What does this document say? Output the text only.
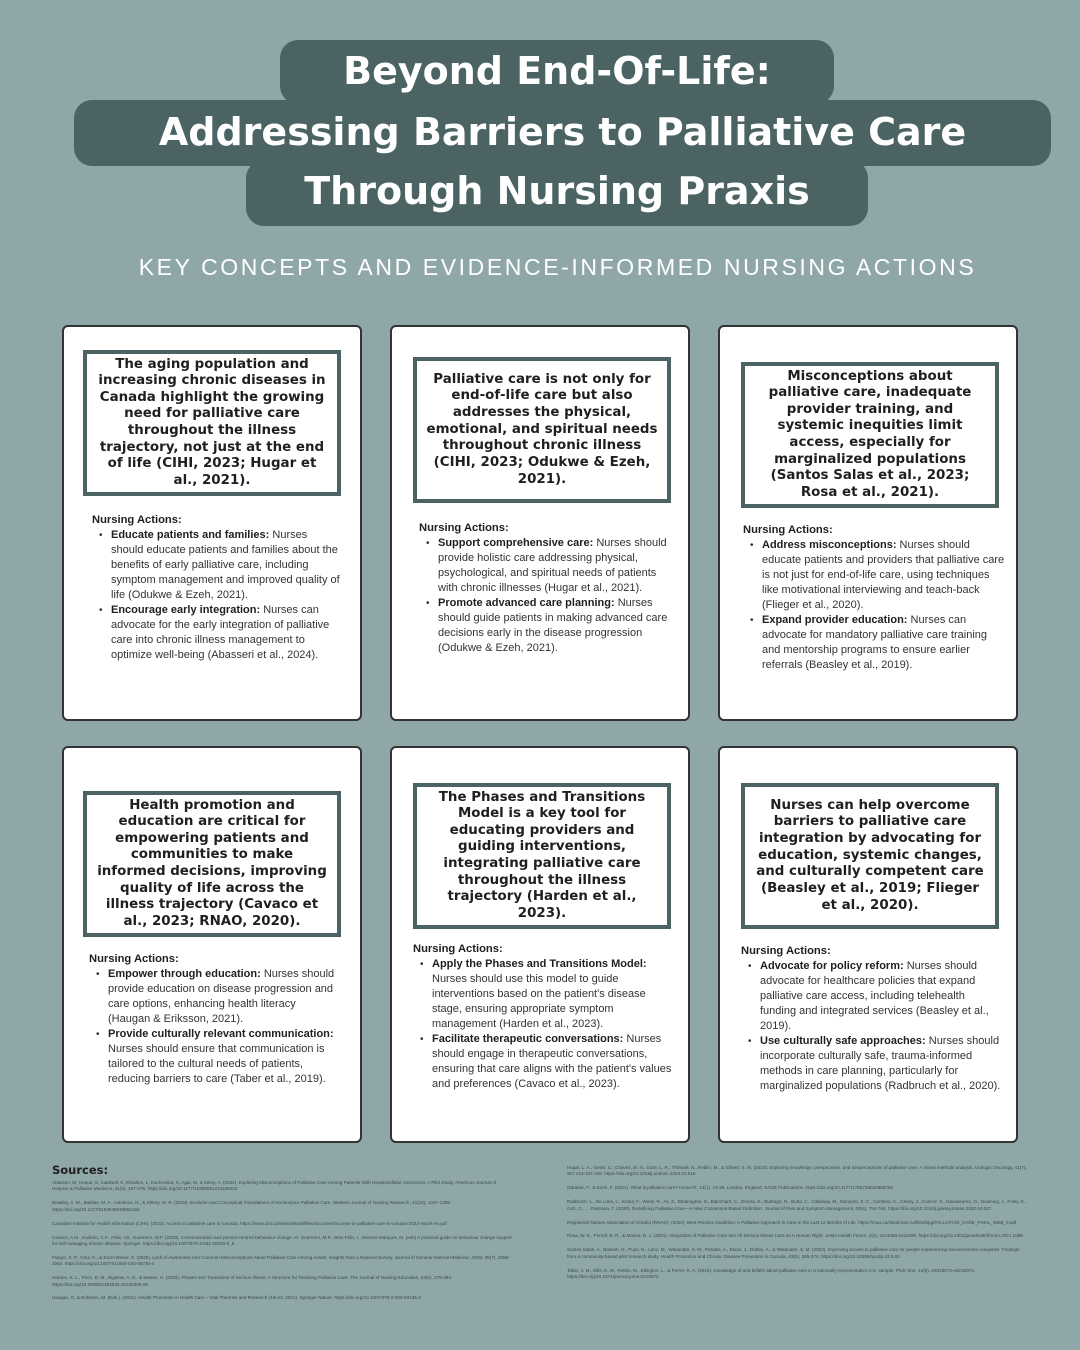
Beyond End-Of-Life:
Addressing Barriers to Palliative Care
Through Nursing Praxis
KEY CONCEPTS AND EVIDENCE-INFORMED NURSING ACTIONS
The aging population and increasing chronic diseases in Canada highlight the growing need for palliative care throughout the illness trajectory, not just at the end of life (CIHI, 2023; Hugar et al., 2021).
Nursing Actions:
• Educate patients and families: Nurses should educate patients and families about the benefits of early palliative care, including symptom management and improved quality of life (Odukwe & Ezeh, 2021).
• Encourage early integration: Nurses can advocate for the early integration of palliative care into chronic illness management to optimize well-being (Abasseri et al., 2024).
Palliative care is not only for end-of-life care but also addresses the physical, emotional, and spiritual needs throughout chronic illness (CIHI, 2023; Odukwe & Ezeh, 2021).
Nursing Actions:
• Support comprehensive care: Nurses should provide holistic care addressing physical, psychological, and spiritual needs of patients with chronic illnesses (Hugar et al., 2021).
• Promote advanced care planning: Nurses should guide patients in making advanced care decisions early in the disease progression (Odukwe & Ezeh, 2021).
Misconceptions about palliative care, inadequate provider training, and systemic inequities limit access, especially for marginalized populations (Santos Salas et al., 2023; Rosa et al., 2021).
Nursing Actions:
• Address misconceptions: Nurses should educate patients and providers that palliative care is not just for end-of-life care, using techniques like motivational interviewing and teach-back (Flieger et al., 2020).
• Expand provider education: Nurses can advocate for mandatory palliative care training and mentorship programs to ensure earlier referrals (Beasley et al., 2019).
Health promotion and education are critical for empowering patients and communities to make informed decisions, improving quality of life across the illness trajectory (Cavaco et al., 2023; RNAO, 2020).
Nursing Actions:
• Empower through education: Nurses should provide education on disease progression and care options, enhancing health literacy (Haugan & Eriksson, 2021).
• Provide culturally relevant communication: Nurses should ensure that communication is tailored to the cultural needs of patients, reducing barriers to care (Taber et al., 2019).
The Phases and Transitions Model is a key tool for educating providers and guiding interventions, integrating palliative care throughout the illness trajectory (Harden et al., 2023).
Nursing Actions:
• Apply the Phases and Transitions Model: Nurses should use this model to guide interventions based on the patient's disease stage, ensuring appropriate symptom management (Harden et al., 2023).
• Facilitate therapeutic conversations: Nurses should engage in therapeutic conversations, ensuring that care aligns with the patient's values and preferences (Cavaco et al., 2023).
Nurses can help overcome barriers to palliative care integration by advocating for education, systemic changes, and culturally competent care (Beasley et al., 2019; Flieger et al., 2020).
Nursing Actions:
• Advocate for policy reform: Nurses should advocate for healthcare policies that expand palliative care access, including telehealth funding and integrated services (Beasley et al., 2019).
• Use culturally safe approaches: Nurses should incorporate culturally safe, trauma-informed methods in care planning, particularly for marginalized populations (Radbruch et al., 2020).
Sources:

Abasseri, M, Hoque, S, Caldwell, K, Ebrahim, L, Kochovska, S, Agar, M, & Zekry, A. (2024). Exploring Misconceptions of Palliative Care Among Patients With Hepatocellular Carcinoma: A Pilot Study. American Journal of Hospice & Palliative Medicine, 41(5), 467-476. https://doi.org/10.1177/10499091231168423

Beasley, A. M., Bakitas, M. A., Ivankova, N., & Shirey, M. R. (2019). Evolution and Conceptual Foundations of Nonhospice Palliative Care. Western Journal of Nursing Research, 41(10), 1347-1369. https://doi.org/10.1177/0193945919853162

Canadian Institute for Health Information (CIHI). (2023). Access to palliative care in Canada. https://www.cihi.ca/sites/default/files/document/access-to-palliative-care-in-canada-2023-report-en.pdf

Cavaco, A.M., Guiteiro, C.F., Félix, I.B., Guerreiro, M.P. (2023). Communication and person-centred behaviour change. In: Guerreiro, M.P., Brito Félix, I., Moreira Marques, M. (eds) A practical guide on behaviour change support for self-managing chronic disease. Springer. https://doi.org/10.1007/978-3-031-20010-6_5

Flieger, S. P., Chui, K., & Koch-Weser, S. (2020). Lack of Awareness and Common Misconceptions About Palliative Care Among Adults: Insights from a National Survey. Journal of General Internal Medicine: JGIM, 35(7), 2059-2064. https://doi.org/10.1007/s11606-020-05730-4

Harden, K. L., Price, D. M., Bigelow, A. D., & Mason, H. (2023). Phases and Transitions of Serious Illness: A Structure for Teaching Palliative Care. The Journal of Nursing Education, 62(5), 279-284. https://doi.org/10.3928/01484834-20230306-05

Haugan, G, & Eriksson, M. (Eds.). (2021). Health Promotion in Health Care – Vital Theories and Research (1st ed. 2021). Springer Nature. https://doi.org/10.1007/978-3-030-63135-2

Hugar, L. A., Geiss, C., Chavez, M. N., Gore, L. R., Thirlwell, S., Reblin, M., & Gilbert, S. M. (2023). Exploring knowledge, perspectives, and misperceptions of palliative care: A mixed methods analysis. Urologic Oncology, 41(7), 327.e13-327.e26. https://doi.org/10.1016/j.urolonc.2023.03.016

Odukwe, F., & Ezeh, F. (2021). What is palliative care? InnovAiT, 14(1), 19-26. London, England: SAGE Publications. https://doi.org/10.1177/1755738020966780

Radbruch, L., De Lima, L., Knaul, F., Wenk, R., Ali, Z., Bhatnaghar, S., Blanchard, C., Bruera, E., Buitrago, R., Burla, C., Callaway, M., Munyoro, E. C., Centeno, C., Cleary, J., Connor, S., Davaasuren, O., Downing, J., Foley, K., Goh, C., ... Pastrana, T. (2020). Redefining Palliative Care—A New Consensus-Based Definition. Journal of Pain and Symptom Management, 60(4), 754-764. https://doi.org/10.1016/j.jpainsymman.2020.04.027

Registered Nurses Association of Ontario (RNAO). (2020). Best Practice Guideline: A Palliative Approach to Care in the Last 12 Months of Life. https://rnao.ca/sites/rnao-ca/files/bpg/PALLIATIVE_CARE_FINAL_WEB_0.pdf

Rosa, W. E., Ferrell, B. R., & Mason, D. J. (2021). Integration of Palliative Care Into All Serious Illness Care as A Human Right. JAMA Health Forum, 2(4), e211099-e211099. https://doi.org/10.1001/jamahealthforum.2021.1099

Santos Salas, A., Bassah, N., Pujol, N., Lenz, M., Watanabe, S. M., Paradis, A., Ewan, J., Dobbs, A., & Watanabe, S. M. (2023). Improving access to palliative care for people experiencing socioeconomic inequities: Findings from a community-based pilot research study. Health Promotion and Chronic Disease Prevention in Canada, 43(8), 365-374. https://doi.org/10.24095/hpcdp.43.8.02

Taber, J. M., Ellis, E. M., Reblin, M., Ellington, L., & Ferrer, R. A. (2019). Knowledge of and beliefs about palliative care in a nationally-representative U.S. sample. PloS One, 14(8), e0219074-e0219074. https://doi.org/10.1371/journal.pone.0219074
